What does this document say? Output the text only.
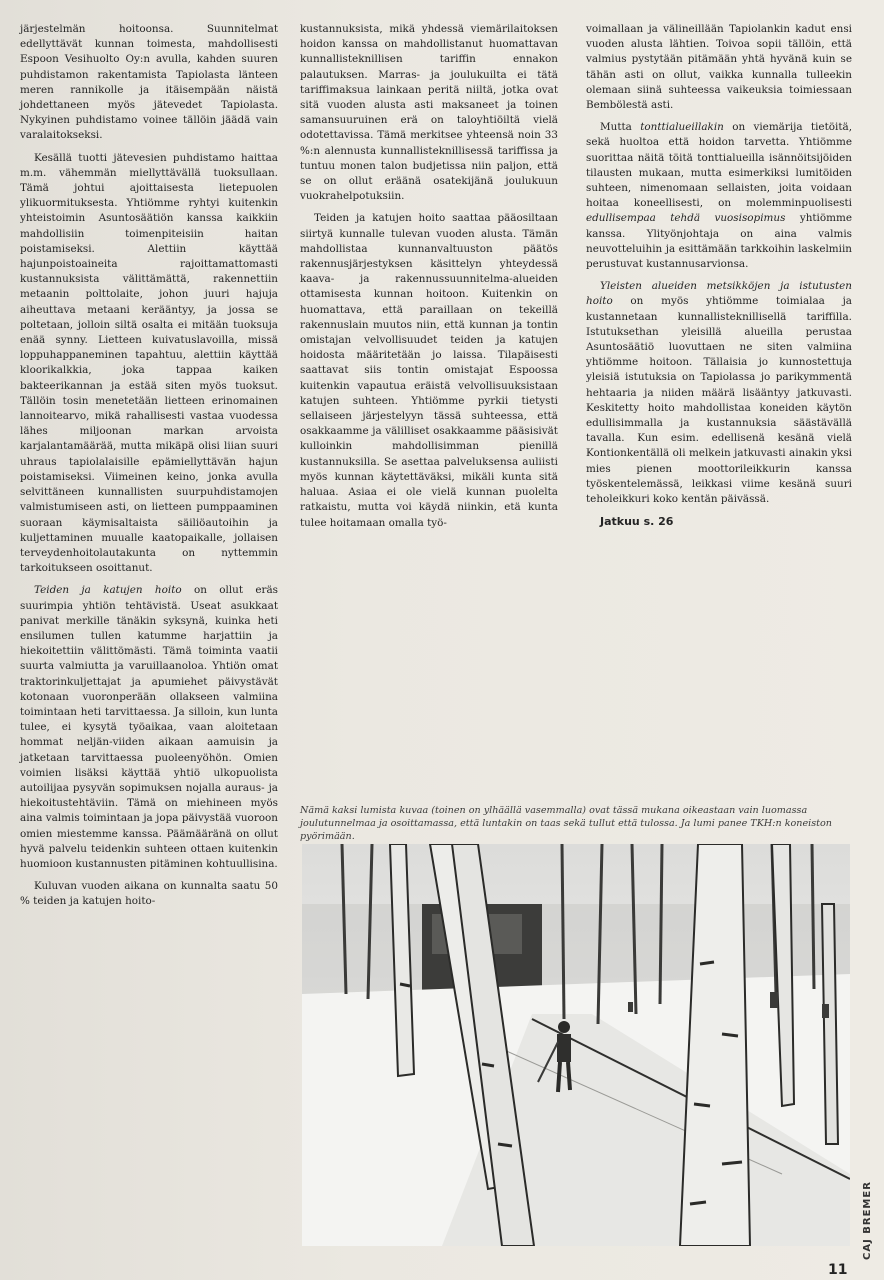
järjestelmän hoitoonsa. Suunnitelmat edellyttävät kunnan toimesta, mahdollisesti Espoon Vesihuolto Oy:n avulla, kahden suuren puhdistamon rakentamista Tapiolasta länteen meren rannikolle ja itäisempään näistä johdettaneen myös jätevedet Tapiolasta. Nykyinen puhdistamo voinee tällöin jäädä vain varalaitokseksi.

Kesällä tuotti jätevesien puhdistamo haittaa m.m. vähemmän miellyttävällä tuoksullaan. Tämä johtui ajoittaisesta lietepuolen ylikuormituksesta. Yhtiömme ryhtyi kuitenkin yhteistoimin Asuntosäätiön kanssa kaikkiin mahdollisiin toimenpiteisiin haitan poistamiseksi. Alettiin käyttää hajunpoistoaineita rajoittamattomasti kustannuksista välittämättä, rakennettiin metaanin polttolaite, johon juuri hajuja aiheuttava metaani kerääntyy, ja jossa se poltetaan, jolloin siltä osalta ei mitään tuoksuja enää synny. Lietteen kuivatuslavoilla, missä loppuhappaneminen tapahtuu, alettiin käyttää kloorikalkkia, joka tappaa kaiken bakteerikannan ja estää siten myös tuoksut. Tällöin tosin menetetään lietteen erinomainen lannoitearvo, mikä rahallisesti vastaa vuodessa lähes miljoonan markan arvoista karjalantamäärää, mutta mikäpä olisi liian suuri uhraus tapiolalaisille epämiellyttävän hajun poistamiseksi. Viimeinen keino, jonka avulla selvittäneen kunnallisten suurpuhdistamojen valmistumiseen asti, on lietteen pumppaaminen suoraan käymisaltaista säiliöautoihin ja kuljettaminen muualle kaatopaikalle, jollaisen terveydenhoitolautakunta on nyttemmin tarkoitukseen osoittanut.

Teiden ja katujen hoito on ollut eräs suurimpia yhtiön tehtävistä. Useat asukkaat panivat merkille tänäkin syksynä, kuinka heti ensilumen tullen katumme harjattiin ja hiekoitettiin välittömästi. Tämä toiminta vaatii suurta valmiutta ja varuillaanoloa. Yhtiön omat traktorinkuljettajat ja apumiehet päivystävät kotonaan vuoronperään ollakseen valmiina toimintaan heti tarvittaessa. Ja silloin, kun lunta tulee, ei kysytä työaikaa, vaan aloitetaan hommat neljän-viiden aikaan aamuisin ja jatketaan tarvittaessa puoleenyöhön. Omien voimien lisäksi käyttää yhtiö ulkopuolista autoilijaa pysyvän sopimuksen nojalla auraus- ja hiekoitustehtäviin. Tämä on miehineen myös aina valmis toimintaan ja jopa päivystää vuoroon omien miestemme kanssa. Päämääränä on ollut hyvä palvelu teidenkin suhteen ottaen kuitenkin huomioon kustannusten pitäminen kohtuullisina.

Kuluvan vuoden aikana on kunnalta saatu 50 % teiden ja katujen hoito-

kustannuksista, mikä yhdessä viemärilaitoksen hoidon kanssa on mahdollistanut huomattavan kunnallisteknillisen tariffin ennakon palautuksen. Marras- ja joulukuilta ei tätä tariffimaksua lainkaan peritä niiltä, jotka ovat sitä vuoden alusta asti maksaneet ja toinen samansuuruinen erä on taloyhtiöiltä vielä odotettavissa. Tämä merkitsee yhteensä noin 33 %:n alennusta kunnallisteknillisessä tariffissa ja tuntuu monen talon budjetissa niin paljon, että se on ollut eräänä osatekijänä joulukuun vuokrahelpotuksiin.

Teiden ja katujen hoito saattaa pääosiltaan siirtyä kunnalle tulevan vuoden alusta. Tämän mahdollistaa kunnanvaltuuston päätös rakennusjärjestyksen käsittelyn yhteydessä kaava- ja rakennussuunnitelma-alueiden ottamisesta kunnan hoitoon. Kuitenkin on huomattava, että paraillaan on tekeillä rakennuslain muutos niin, että kunnan ja tontin omistajan velvollisuudet teiden ja katujen hoidosta määritetään jo laissa. Tilapäisesti saattavat siis tontin omistajat Espoossa kuitenkin vapautua eräistä velvollisuuksistaan katujen suhteen. Yhtiömme pyrkii tietysti sellaiseen järjestelyyn tässä suhteessa, että osakkaamme ja välilliset osakkaamme pääsisivät kulloinkin mahdollisimman pienillä kustannuksilla. Se asettaa palveluksensa auliisti myös kunnan käytettäväksi, mikäli kunta sitä haluaa. Asiaa ei ole vielä kunnan puolelta ratkaistu, mutta voi käydä niinkin, etä kunta tulee hoitamaan omalla työ-

voimallaan ja välineillään Tapiolankin kadut ensi vuoden alusta lähtien. Toivoa sopii tällöin, että valmius pystytään pitämään yhtä hyvänä kuin se tähän asti on ollut, vaikka kunnalla tulleekin olemaan siinä suhteessa vaikeuksia toimiessaan Bembölestä asti.

Mutta tonttialueillakin on viemärija tietöitä, sekä huoltoa että hoidon tarvetta. Yhtiömme suorittaa näitä töitä tonttialueilla isännöitsijöiden tilausten mukaan, mutta esimerkiksi lumitöiden suhteen, nimenomaan sellaisten, joita voidaan hoitaa koneellisesti, on molemminpuolisesti edullisempaa tehdä vuosisopimus yhtiömme kanssa. Ylityönjohtaja on aina valmis neuvotteluihin ja esittämään tarkkoihin laskelmiin perustuvat kustannusarvionsa.

Yleisten alueiden metsikköjen ja istutusten hoito on myös yhtiömme toimialaa ja kustannetaan kunnallisteknillisellä tariffilla. Istutuksethan yleisillä alueilla perustaa Asuntosäätiö luovuttaen ne siten valmiina yhtiömme hoitoon. Tällaisia jo kunnostettuja yleisiä istutuksia on Tapiolassa jo parikymmentä hehtaaria ja niiden määrä lisääntyy jatkuvasti. Keskitetty hoito mahdollistaa koneiden käytön edullisimmalla ja kustannuksia säästävällä tavalla. Kun esim. edellisenä kesänä vielä Kontionkentällä oli melkein jatkuvasti ainakin yksi mies pienen moottorileikkurin kanssa työskentelemässä, leikkasi viime kesänä suuri teholeikkuri koko kentän päivässä.

Jatkuu s. 26

Nämä kaksi lumista kuvaa (toinen on ylhäällä vasemmalla) ovat tässä mukana oikeastaan vain luomassa joulutunnelmaa ja osoittamassa, että luntakin on taas sekä tullut että tulossa. Ja lumi panee TKH:n koneiston pyörimään.
CAJ BREMER
11
